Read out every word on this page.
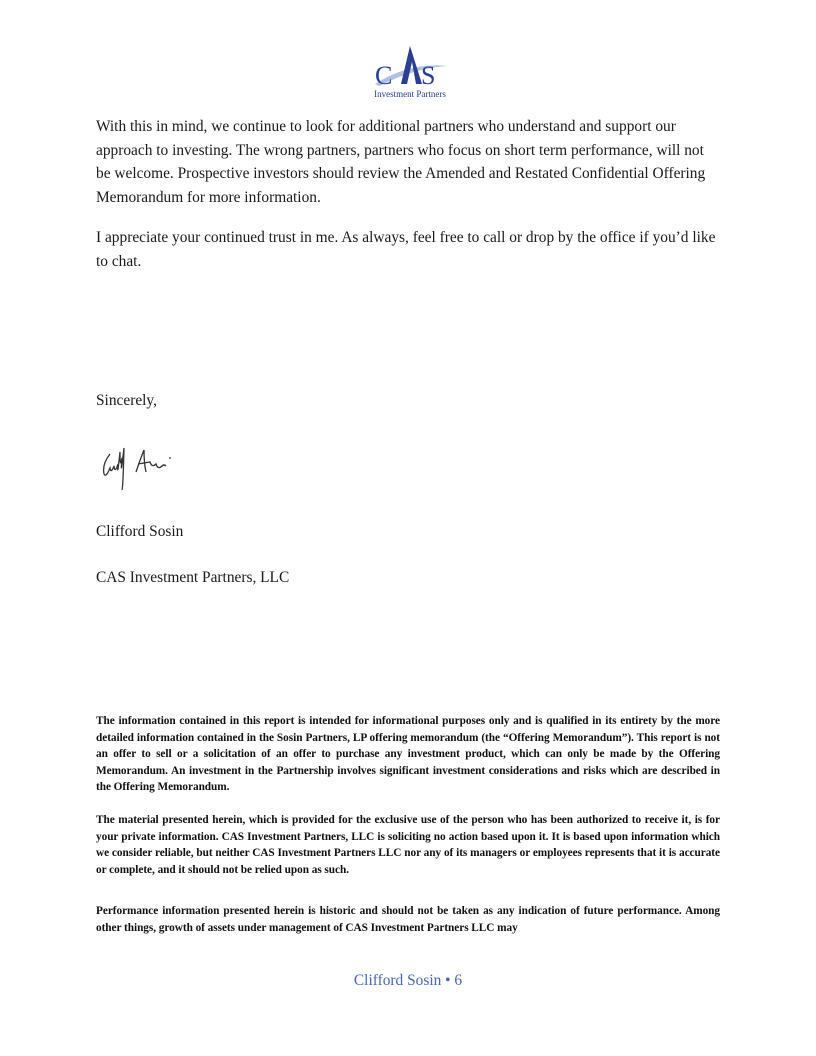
C S
Investment Partners

With this in mind, we continue to look for additional partners who understand and support our approach to investing. The wrong partners, partners who focus on short term performance, will not be welcome. Prospective investors should review the Amended and Restated Confidential Offering Memorandum for more information.

I appreciate your continued trust in me. As always, feel free to call or drop by the office if you’d like to chat.

Sincerely,

Clifford Sosin

CAS Investment Partners, LLC

The information contained in this report is intended for informational purposes only and is qualified in its entirety by the more detailed information contained in the Sosin Partners, LP offering memorandum (the “Offering Memorandum”). This report is not an offer to sell or a solicitation of an offer to purchase any investment product, which can only be made by the Offering Memorandum. An investment in the Partnership involves significant investment considerations and risks which are described in the Offering Memorandum.

The material presented herein, which is provided for the exclusive use of the person who has been authorized to receive it, is for your private information. CAS Investment Partners, LLC is soliciting no action based upon it. It is based upon information which we consider reliable, but neither CAS Investment Partners LLC nor any of its managers or employees represents that it is accurate or complete, and it should not be relied upon as such.

Performance information presented herein is historic and should not be taken as any indication of future performance. Among other things, growth of assets under management of CAS Investment Partners LLC may

Clifford Sosin • 6
